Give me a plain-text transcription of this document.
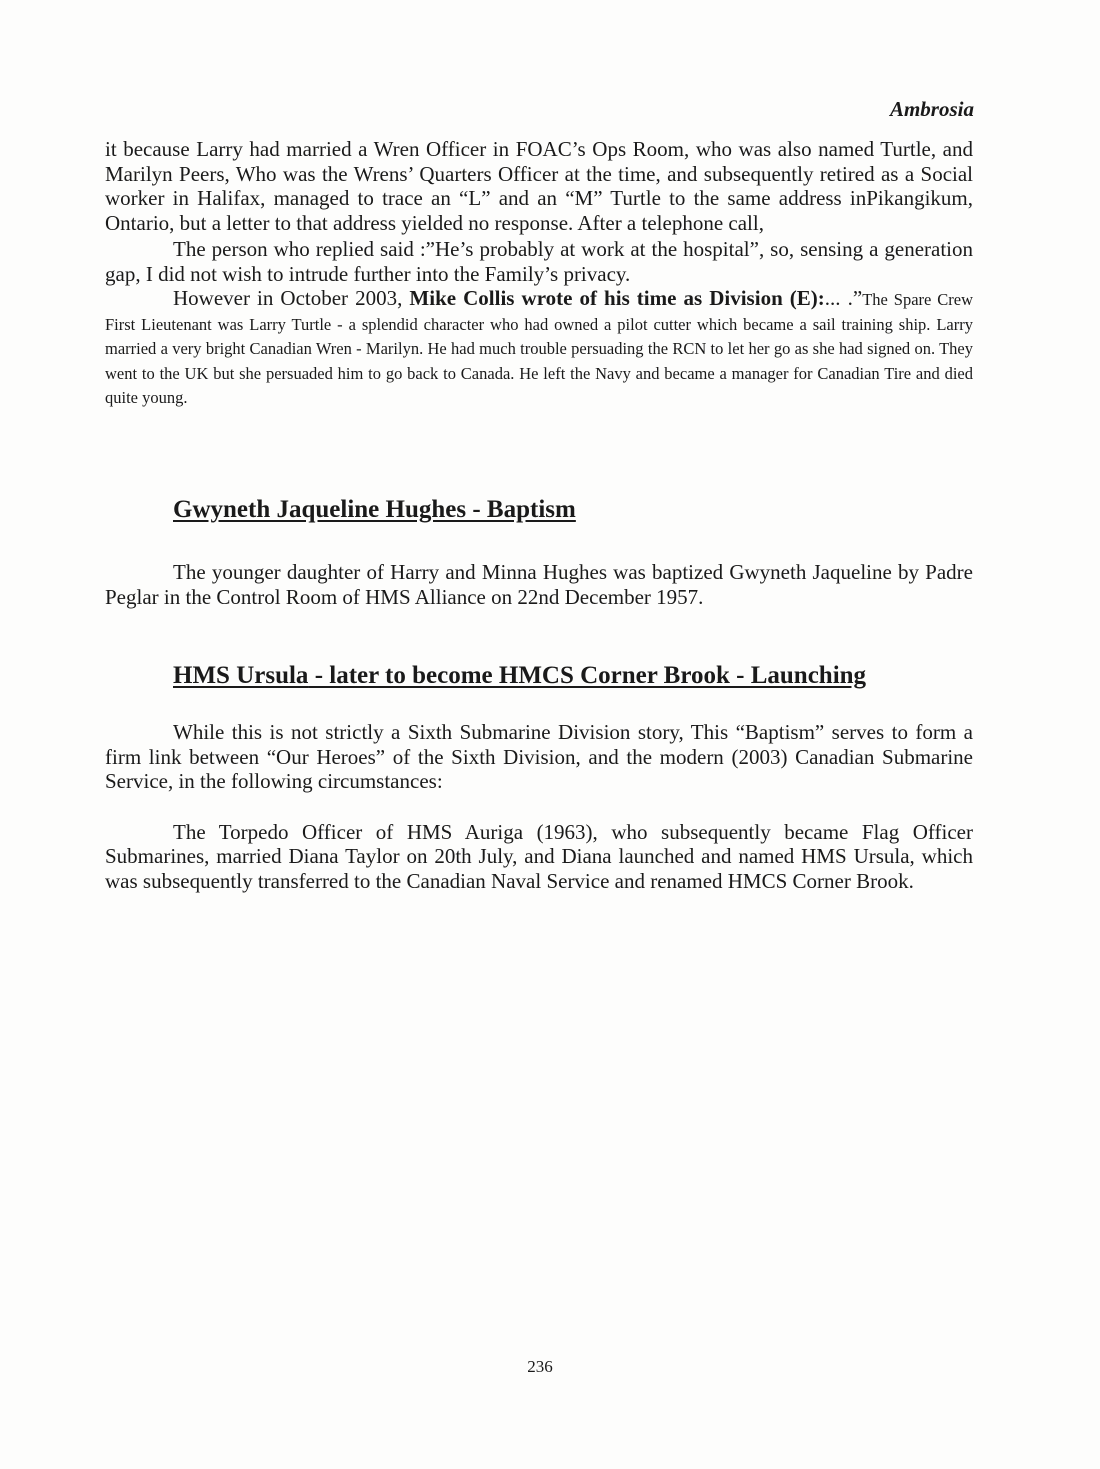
Ambrosia

it because Larry had married a Wren Officer in FOAC’s Ops Room, who was also named Turtle, and Marilyn Peers, Who was the Wrens’ Quarters Officer at the time, and subsequently retired as a Social worker in Halifax, managed to trace an “L” and an “M” Turtle to the same address inPikangikum, Ontario, but a letter to that address yielded no response. After a telephone call,

The person who replied said :”He’s probably at work at the hospital”, so, sensing a generation gap, I did not wish to intrude further into the Family’s privacy.

However in October 2003, Mike Collis wrote of his time as Division (E):... .”The Spare Crew First Lieutenant was Larry Turtle - a splendid character who had owned a pilot cutter which became a sail training ship. Larry married a very bright Canadian Wren - Marilyn. He had much trouble persuading the RCN to let her go as she had signed on. They went to the UK but she persuaded him to go back to Canada. He left the Navy and became a manager for Canadian Tire and died quite young.

Gwyneth Jaqueline Hughes - Baptism

The younger daughter of Harry and Minna Hughes was baptized Gwyneth Jaqueline by Padre Peglar in the Control Room of HMS Alliance on 22nd December 1957.

HMS Ursula - later to become HMCS Corner Brook - Launching

While this is not strictly a Sixth Submarine Division story, This “Baptism” serves to form a firm link between “Our Heroes” of the Sixth Division, and the modern (2003) Canadian Submarine Service, in the following circumstances:

The Torpedo Officer of HMS Auriga (1963), who subsequently became Flag Officer Submarines, married Diana Taylor on 20th July, and Diana launched and named HMS Ursula, which was subsequently transferred to the Canadian Naval Service and renamed HMCS Corner Brook.

236
